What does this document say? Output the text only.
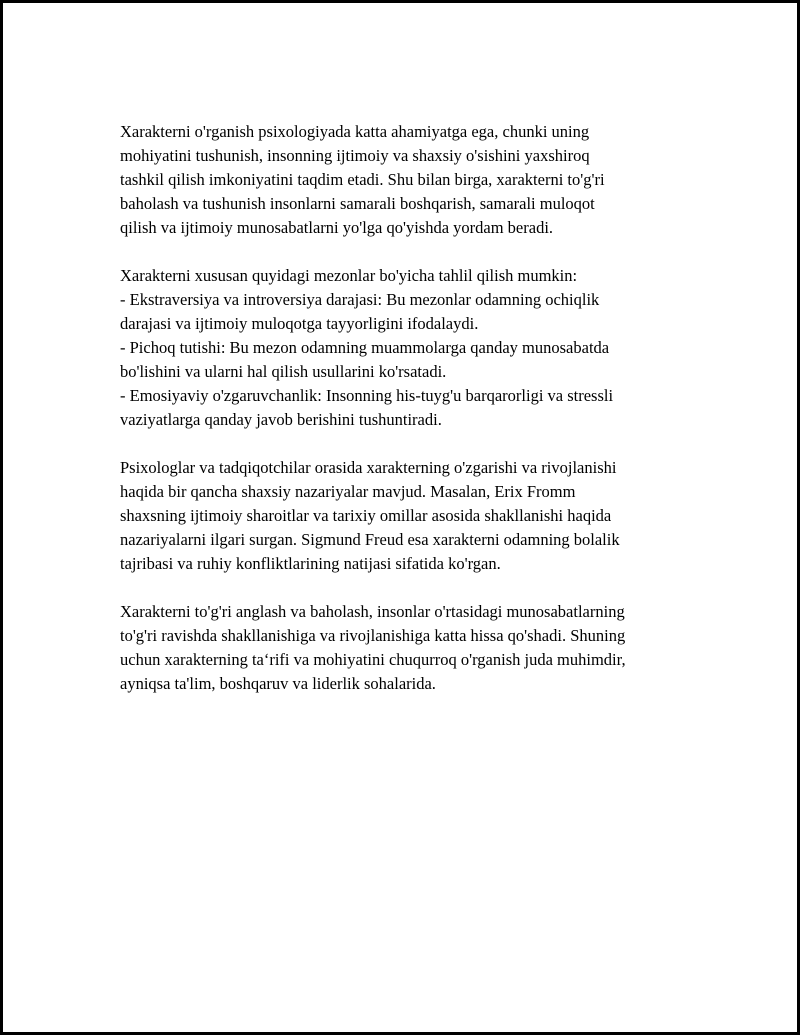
Xarakterni o'rganish psixologiyada katta ahamiyatga ega, chunki uning
mohiyatini tushunish, insonning ijtimoiy va shaxsiy o'sishini yaxshiroq
tashkil qilish imkoniyatini taqdim etadi. Shu bilan birga, xarakterni to'g'ri
baholash va tushunish insonlarni samarali boshqarish, samarali muloqot
qilish va ijtimoiy munosabatlarni yo'lga qo'yishda yordam beradi.

Xarakterni xususan quyidagi mezonlar bo'yicha tahlil qilish mumkin:
- Ekstraversiya va introversiya darajasi: Bu mezonlar odamning ochiqlik
darajasi va ijtimoiy muloqotga tayyorligini ifodalaydi.
- Pichoq tutishi: Bu mezon odamning muammolarga qanday munosabatda
bo'lishini va ularni hal qilish usullarini ko'rsatadi.
- Emosiyaviy o'zgaruvchanlik: Insonning his-tuyg'u barqarorligi va stressli
vaziyatlarga qanday javob berishini tushuntiradi.

Psixologlar va tadqiqotchilar orasida xarakterning o'zgarishi va rivojlanishi
haqida bir qancha shaxsiy nazariyalar mavjud. Masalan, Erix Fromm
shaxsning ijtimoiy sharoitlar va tarixiy omillar asosida shakllanishi haqida
nazariyalarni ilgari surgan. Sigmund Freud esa xarakterni odamning bolalik
tajribasi va ruhiy konfliktlarining natijasi sifatida ko'rgan.

Xarakterni to'g'ri anglash va baholash, insonlar o'rtasidagi munosabatlarning
to'g'ri ravishda shakllanishiga va rivojlanishiga katta hissa qo'shadi. Shuning
uchun xarakterning ta‘rifi va mohiyatini chuqurroq o'rganish juda muhimdir,
ayniqsa ta'lim, boshqaruv va liderlik sohalarida.
